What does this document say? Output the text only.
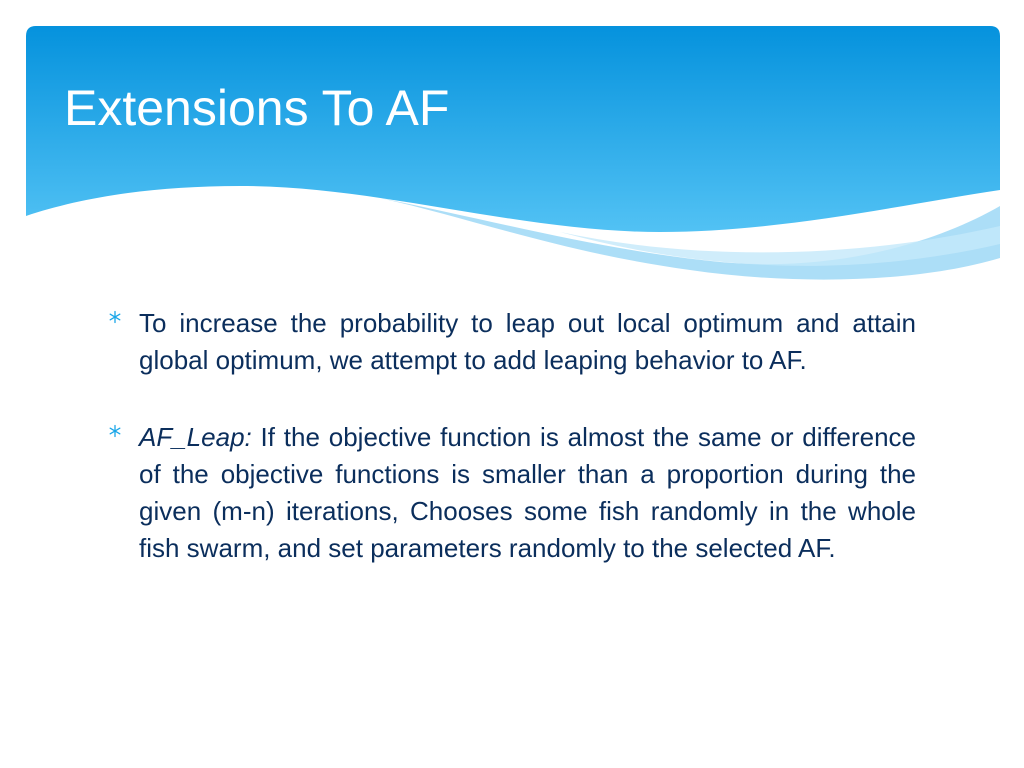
Extensions To AF

To increase the probability to leap out local optimum and attain global optimum, we attempt to add leaping behavior to AF.

AF_Leap: If the objective function is almost the same or difference of the objective functions is smaller than a proportion during the given (m-n) iterations, Chooses some fish randomly in the whole fish swarm, and set parameters randomly to the selected AF.
